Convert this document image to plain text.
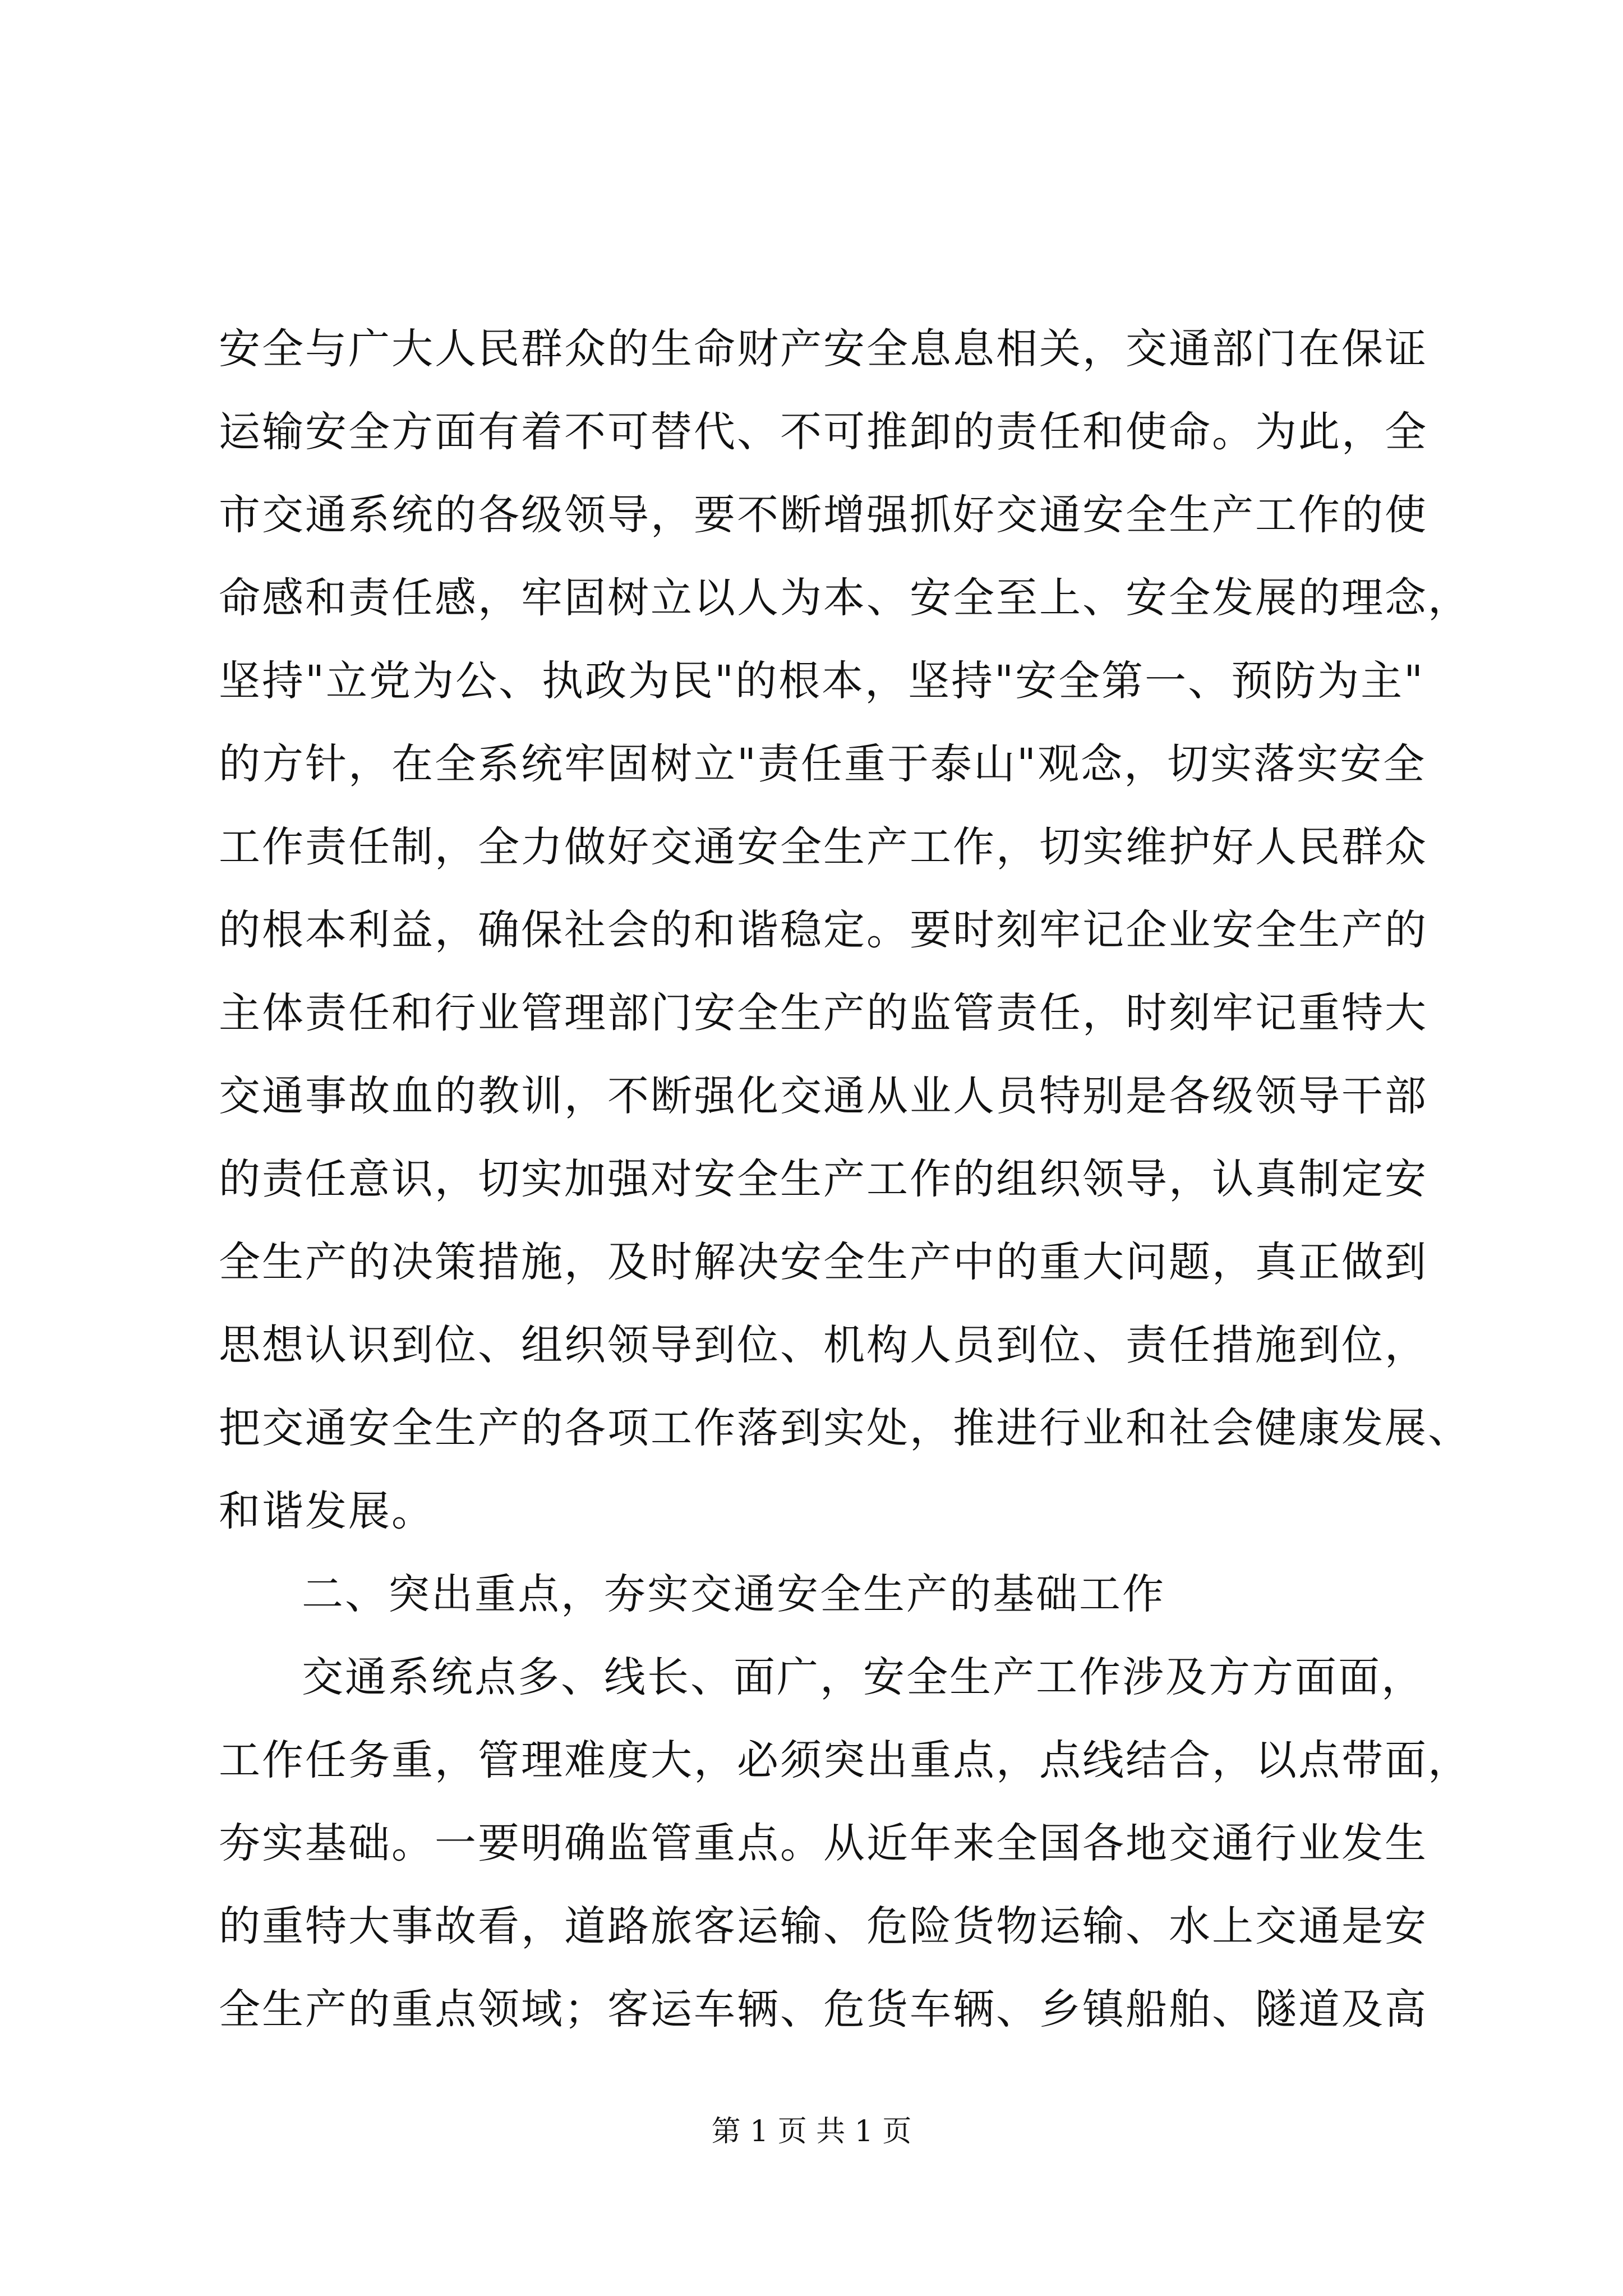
安全与广大人民群众的生命财产安全息息相关，交通部门在保证
运输安全方面有着不可替代、不可推卸的责任和使命。为此，全
市交通系统的各级领导，要不断增强抓好交通安全生产工作的使
命感和责任感，牢固树立以人为本、安全至上、安全发展的理念，
坚持"立党为公、执政为民"的根本，坚持"安全第一、预防为主"
的方针，在全系统牢固树立"责任重于泰山"观念，切实落实安全
工作责任制，全力做好交通安全生产工作，切实维护好人民群众
的根本利益，确保社会的和谐稳定。要时刻牢记企业安全生产的
主体责任和行业管理部门安全生产的监管责任，时刻牢记重特大
交通事故血的教训，不断强化交通从业人员特别是各级领导干部
的责任意识，切实加强对安全生产工作的组织领导，认真制定安
全生产的决策措施，及时解决安全生产中的重大问题，真正做到
思想认识到位、组织领导到位、机构人员到位、责任措施到位，
把交通安全生产的各项工作落到实处，推进行业和社会健康发展、
和谐发展。
二、突出重点，夯实交通安全生产的基础工作
交通系统点多、线长、面广，安全生产工作涉及方方面面，
工作任务重，管理难度大，必须突出重点，点线结合，以点带面，
夯实基础。一要明确监管重点。从近年来全国各地交通行业发生
的重特大事故看，道路旅客运输、危险货物运输、水上交通是安
全生产的重点领域；客运车辆、危货车辆、乡镇船舶、隧道及高
第 1 页 共 1 页
